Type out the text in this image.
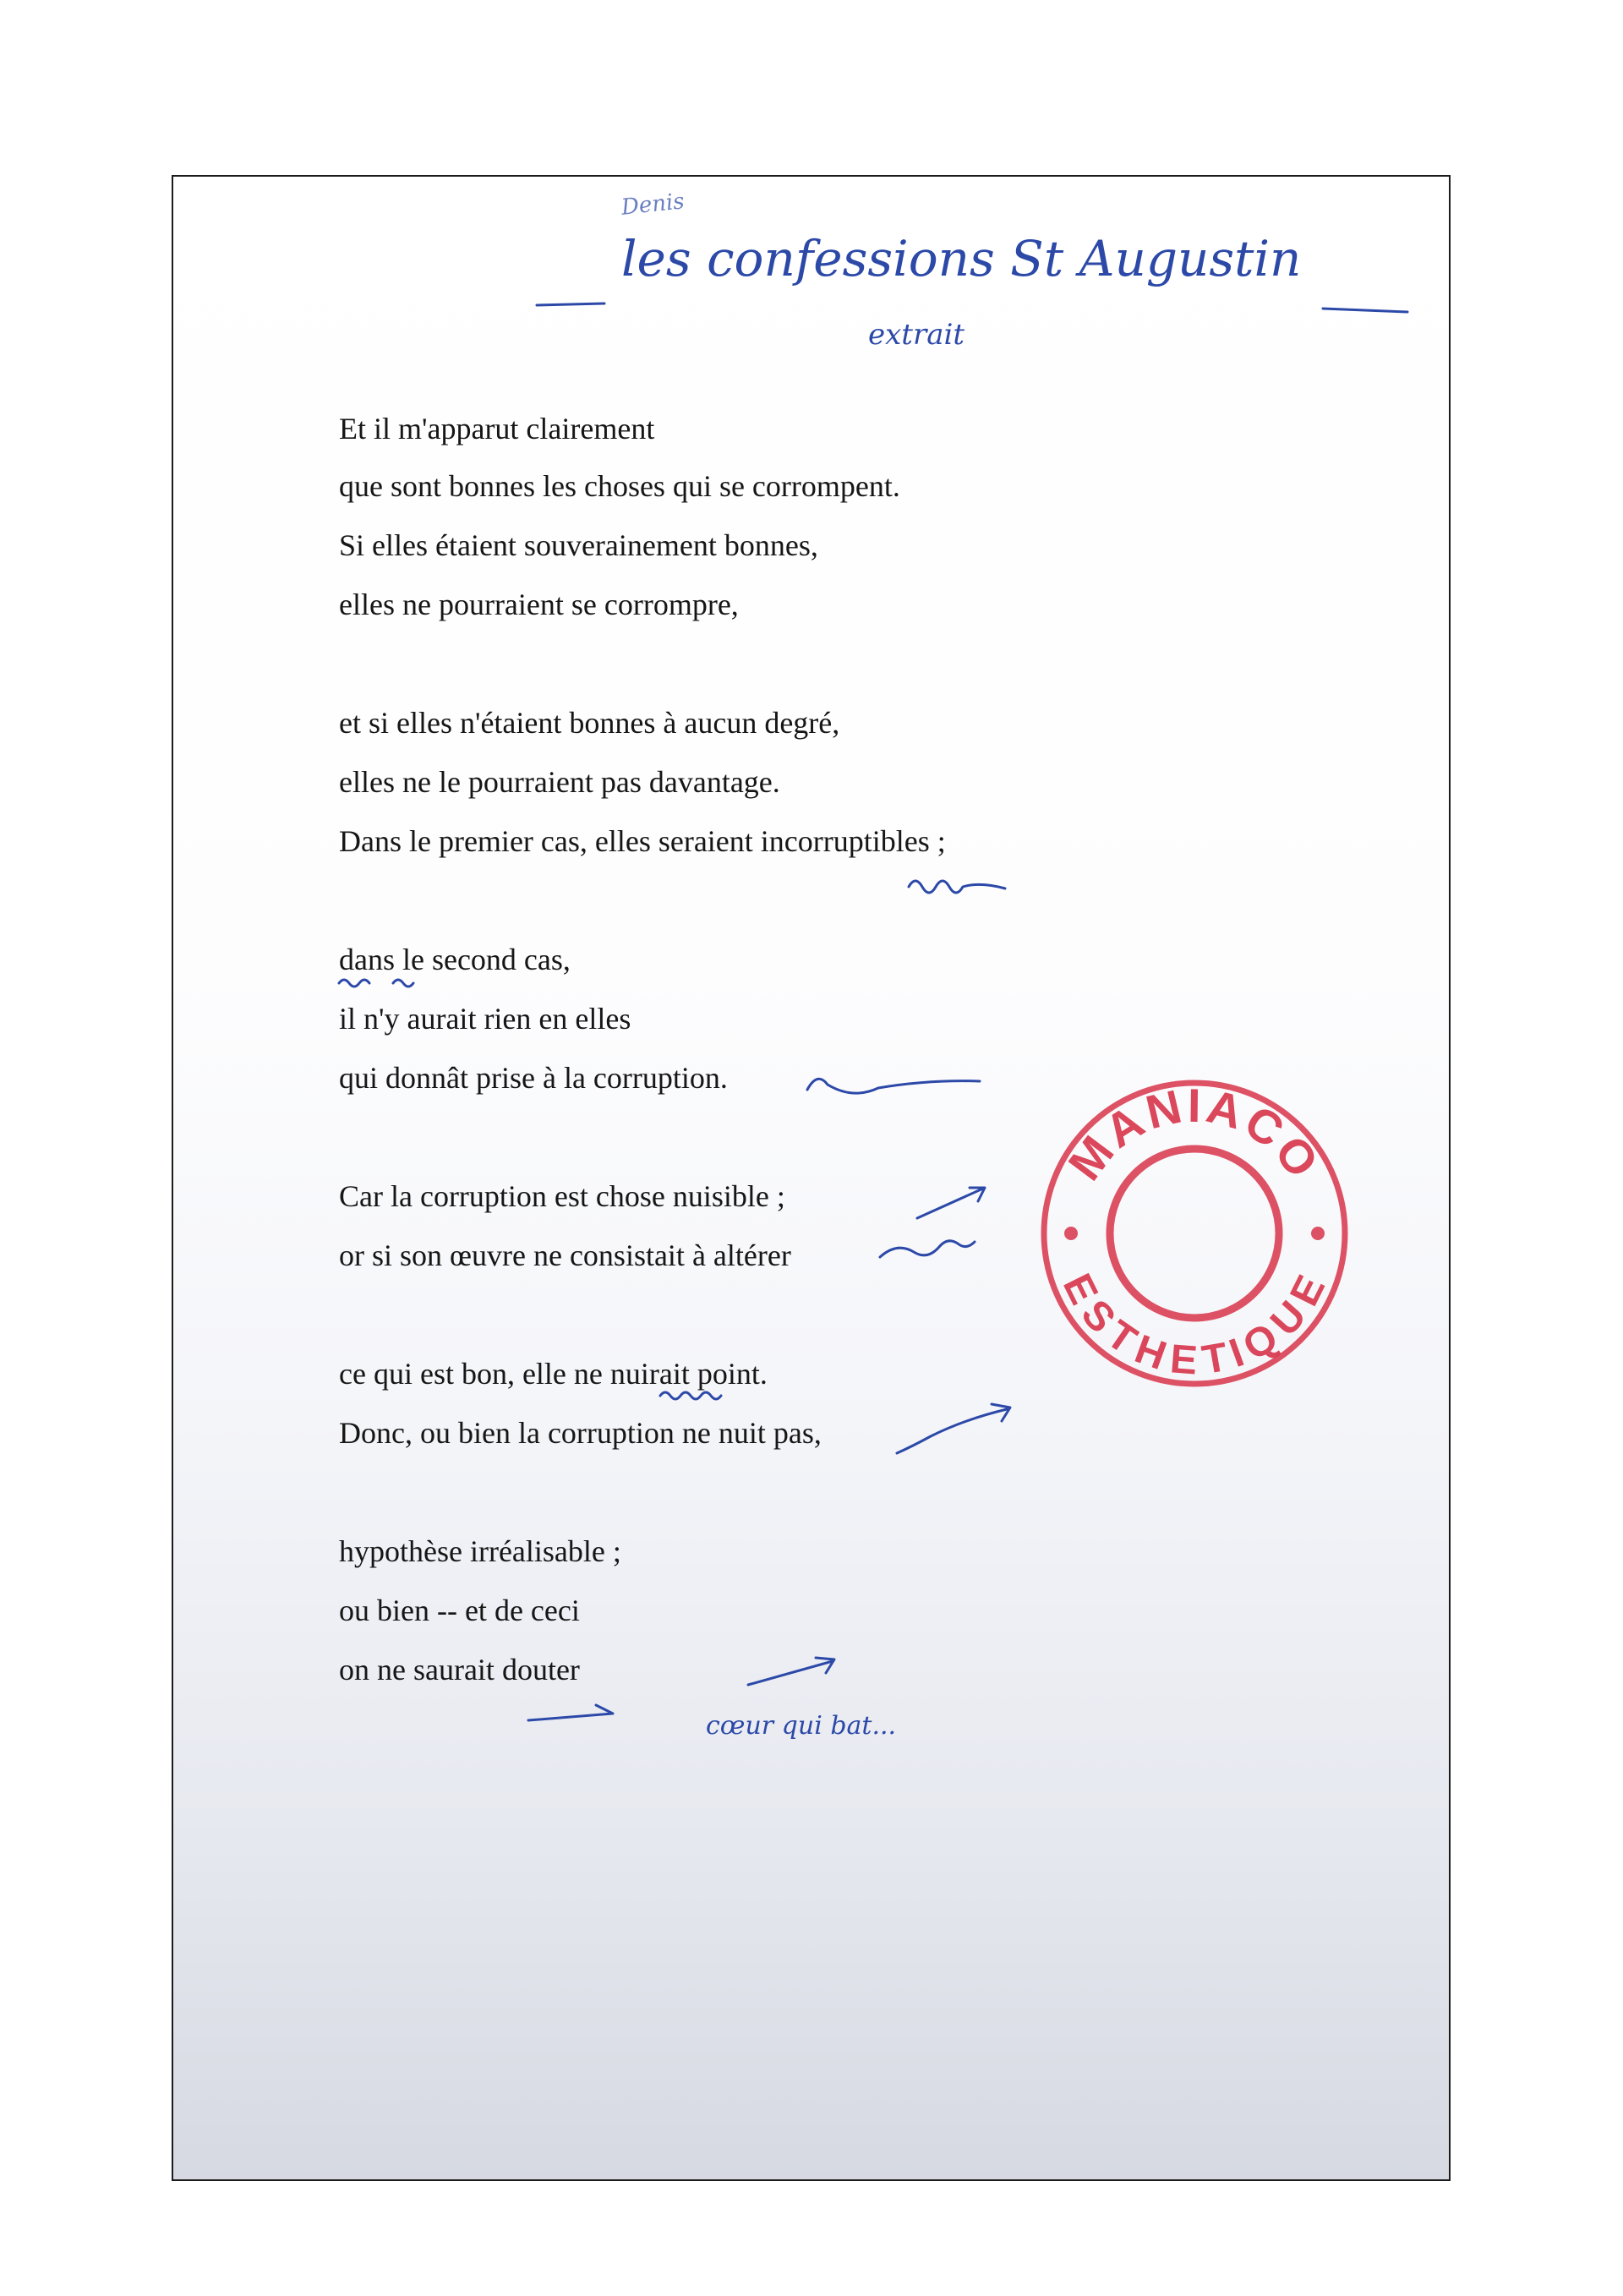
Denis
les confessions St Augustin
extrait
Et il m'apparut clairement
que sont bonnes les choses qui se corrompent.
Si elles étaient souverainement bonnes,
elles ne pourraient se corrompre,
et si elles n'étaient bonnes à aucun degré,
elles ne le pourraient pas davantage.
Dans le premier cas, elles seraient incorruptibles ;
dans le second cas,
il n'y aurait rien en elles
qui donnât prise à la corruption.
Car la corruption est chose nuisible ;
or si son œuvre ne consistait à altérer
ce qui est bon, elle ne nuirait point.
Donc, ou bien la corruption ne nuit pas,
hypothèse irréalisable ;
ou bien -- et de ceci
on ne saurait douter
cœur qui bat...
MANIACO
ESTHETIQUE
